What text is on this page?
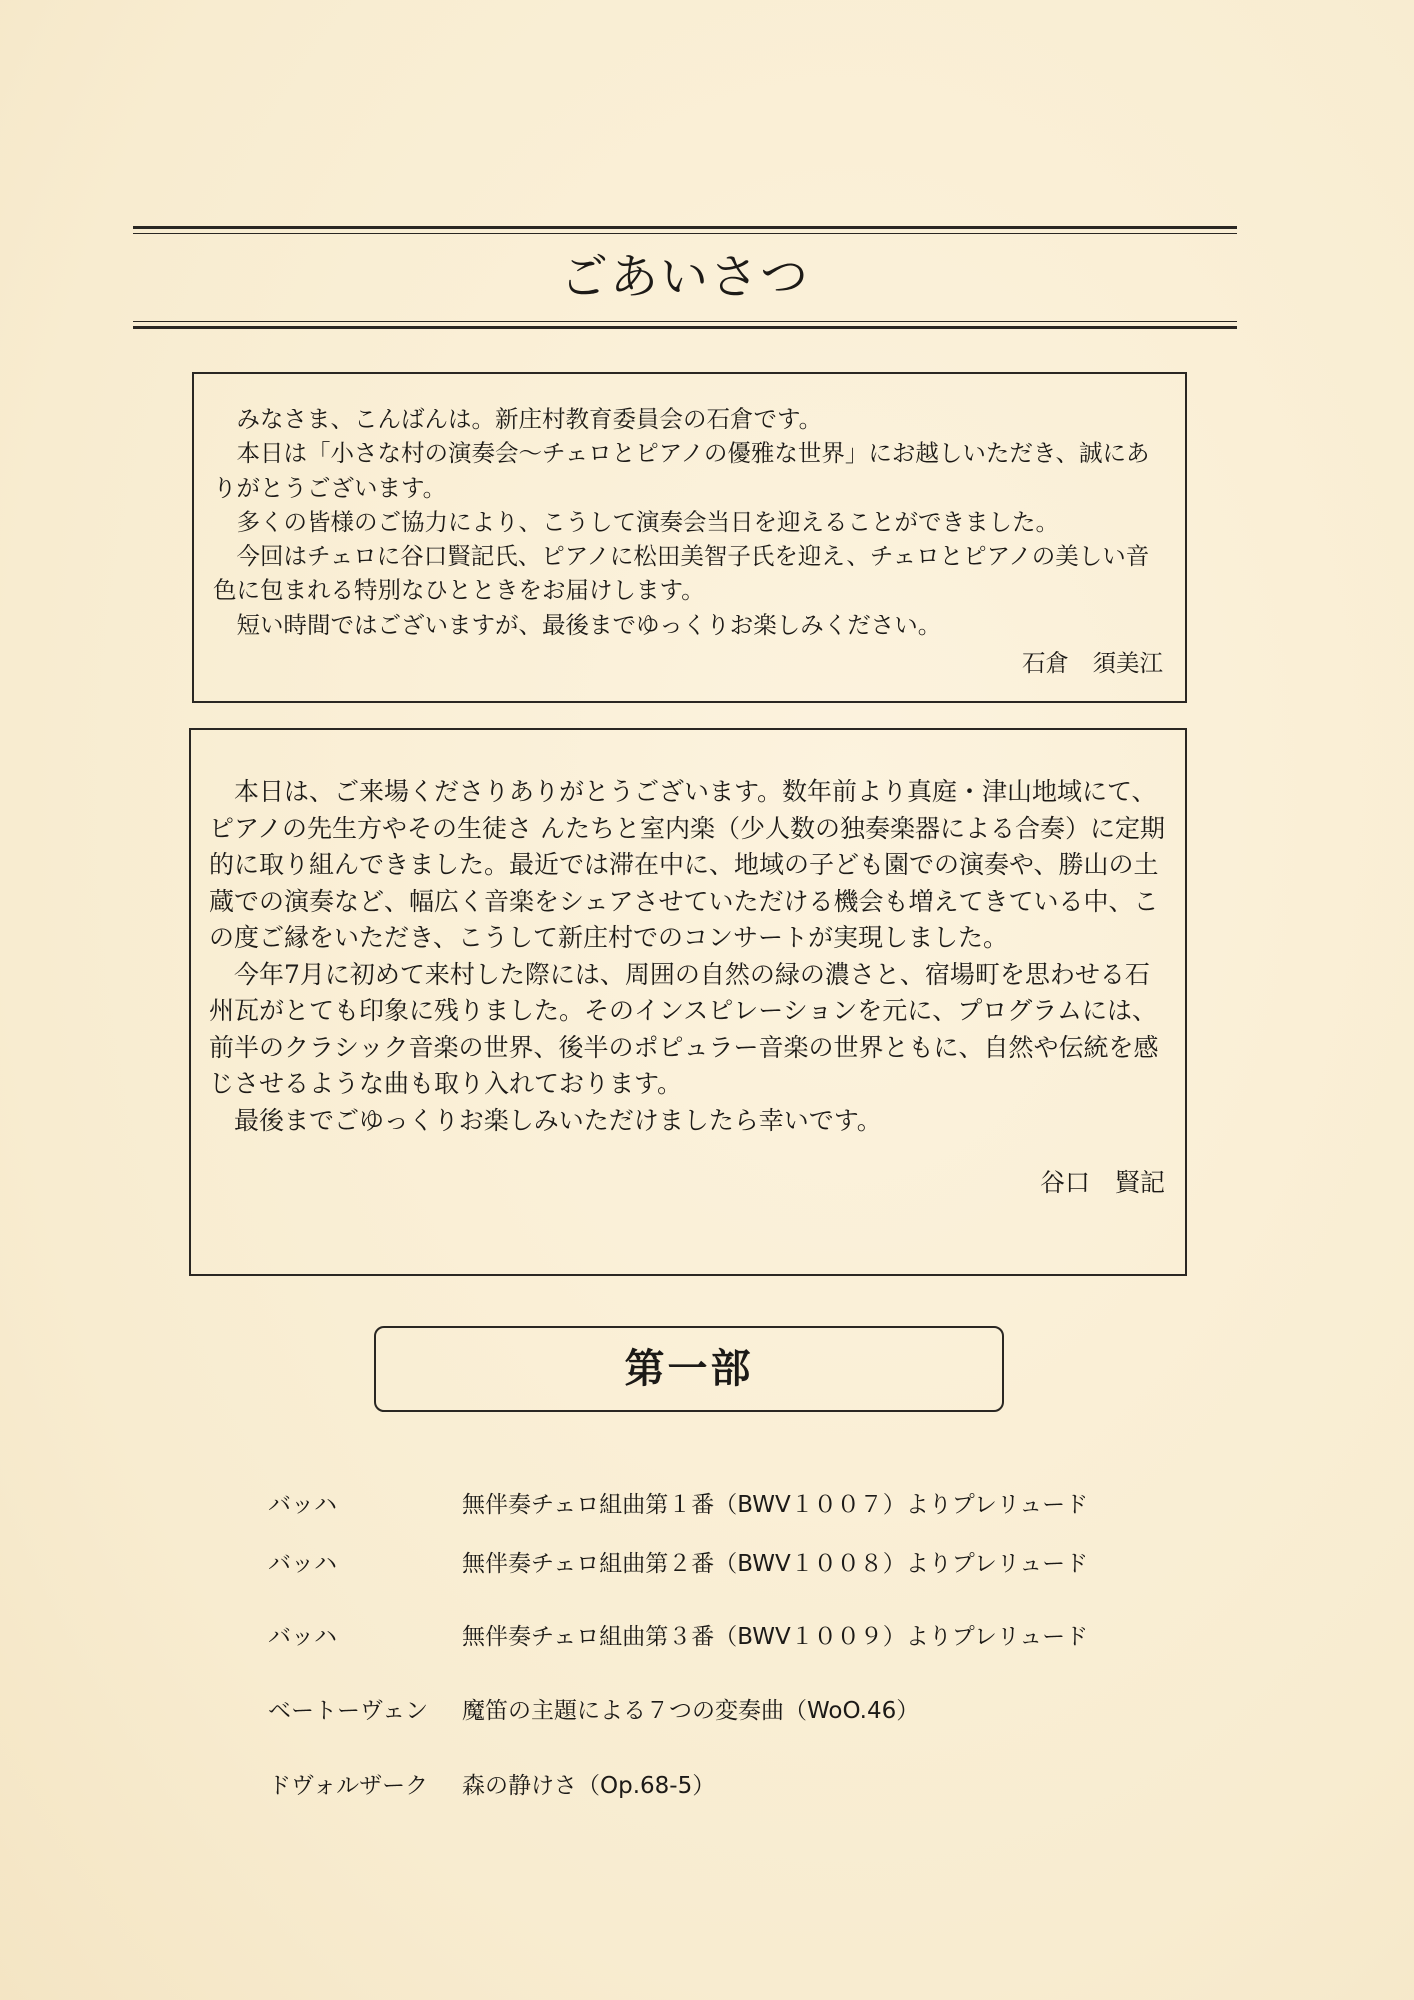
ごあいさつ

みなさま、こんばんは。新庄村教育委員会の石倉です。

本日は「小さな村の演奏会～チェロとピアノの優雅な世界」にお越しいただき、誠にありがとうございます。

多くの皆様のご協力により、こうして演奏会当日を迎えることができました。

今回はチェロに谷口賢記氏、ピアノに松田美智子氏を迎え、チェロとピアノの美しい音色に包まれる特別なひとときをお届けします。

短い時間ではございますが、最後までゆっくりお楽しみください。

石倉　須美江

本日は、ご来場くださりありがとうございます。数年前より真庭・津山地域にて、ピアノの先生方やその生徒さ んたちと室内楽（少人数の独奏楽器による合奏）に定期的に取り組んできました。最近では滞在中に、地域の子ども園での演奏や、勝山の土蔵での演奏など、幅広く音楽をシェアさせていただける機会も増えてきている中、この度ご縁をいただき、こうして新庄村でのコンサートが実現しました。

今年7月に初めて来村した際には、周囲の自然の緑の濃さと、宿場町を思わせる石州瓦がとても印象に残りました。そのインスピレーションを元に、プログラムには、前半のクラシック音楽の世界、後半のポピュラー音楽の世界ともに、自然や伝統を感じさせるような曲も取り入れております。

最後までごゆっくりお楽しみいただけましたら幸いです。

谷口　賢記
第一部
バッハ	無伴奏チェロ組曲第１番（BWV１００７）よりプレリュード
バッハ	無伴奏チェロ組曲第２番（BWV１００８）よりプレリュード
バッハ	無伴奏チェロ組曲第３番（BWV１００９）よりプレリュード
ベートーヴェン 魔笛の主題による７つの変奏曲（WoO.46）
ドヴォルザーク 森の静けさ（Op.68-5）
